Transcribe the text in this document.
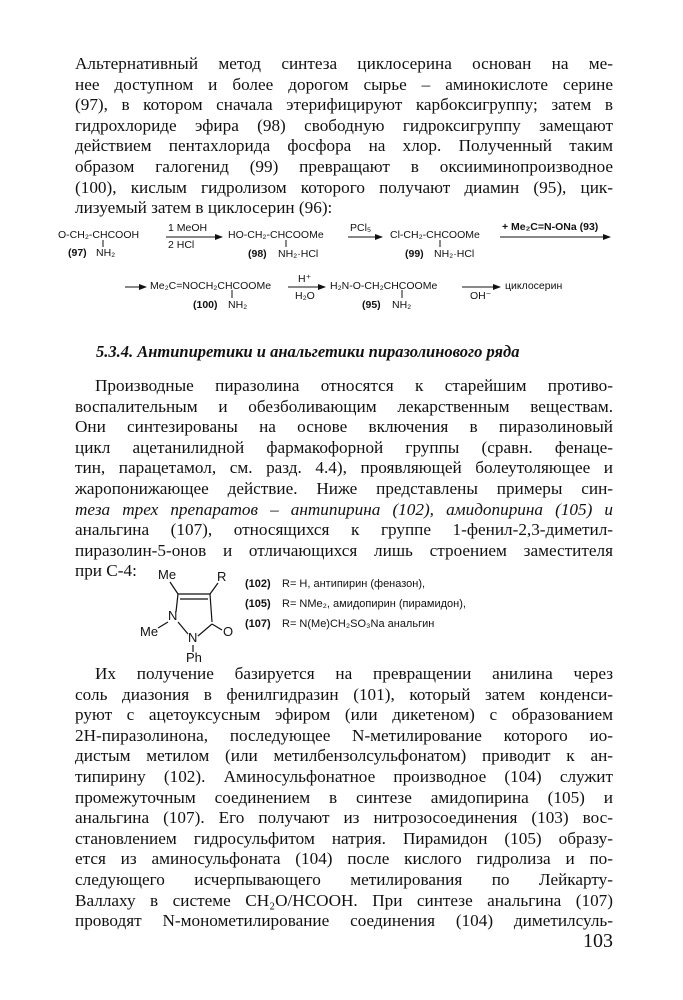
Альтернативный метод синтеза циклосерина основан на ме-
нее доступном и более дорогом сырье – аминокислоте серине
(97), в котором сначала этерифицируют карбоксигруппу; затем в
гидрохлориде эфира (98) свободную гидроксигруппу замещают
действием пентахлорида фосфора на хлор. Полученный таким
образом галогенид (99) превращают в оксииминопроизводное
(100), кислым гидролизом которого получают диамин (95), цик-
лизуемый затем в циклосерин (96):
O-CH₂-CHCOOH
(97) NH₂
1 MeOH
2 HCl
HO-CH₂-CHCOOMe
(98) NH₂·HCl
PCl₅
Cl-CH₂-CHCOOMe
(99) NH₂·HCl
+ Me₂C=N-ONa (93)
Me₂C=NOCH₂CHCOOMe
(100) NH₂
H⁺
H₂O
H₂N-O-CH₂CHCOOMe
(95) NH₂
OH⁻
циклосерин
5.3.4. Антипиретики и анальгетики пиразолинового ряда
Производные пиразолина относятся к старейшим противо-
воспалительным и обезболивающим лекарственным веществам.
Они синтезированы на основе включения в пиразолиновый
цикл ацетанилидной фармакофорной группы (сравн. фенаце-
тин, парацетамол, см. разд. 4.4), проявляющей болеутоляющее и
жаропонижающее действие. Ниже представлены примеры син-
теза трех препаратов – антипирина (102), амидопирина (105) и
анальгина (107), относящихся к группе 1-фенил-2,3-диметил-
пиразолин-5-онов и отличающихся лишь строением заместителя
при С-4:	Me	R
N
N
Me	O
Ph
(102) R= H, антипирин (феназон),
(105) R= NMe₂, амидопирин (пирамидон),
(107) R= N(Me)CH₂SO₃Na анальгин
Их получение базируется на превращении анилина через
соль диазония в фенилгидразин (101), который затем конденси-
руют с ацетоуксусным эфиром (или дикетеном) с образованием
2Н-пиразолинона, последующее N-метилирование которого ио-
дистым метилом (или метилбензолсульфонатом) приводит к ан-
типирину (102). Аминосульфонатное производное (104) служит
промежуточным соединением в синтезе амидопирина (105) и
анальгина (107). Его получают из нитрозосоединения (103) вос-
становлением гидросульфитом натрия. Пирамидон (105) образу-
ется из аминосульфоната (104) после кислого гидролиза и по-
следующего исчерпывающего метилирования по Лейкарту-
Валлаху в системе CH₂O/HCOOH. При синтезе анальгина (107)
проводят N-монометилирование соединения (104) диметилсуль-
103
